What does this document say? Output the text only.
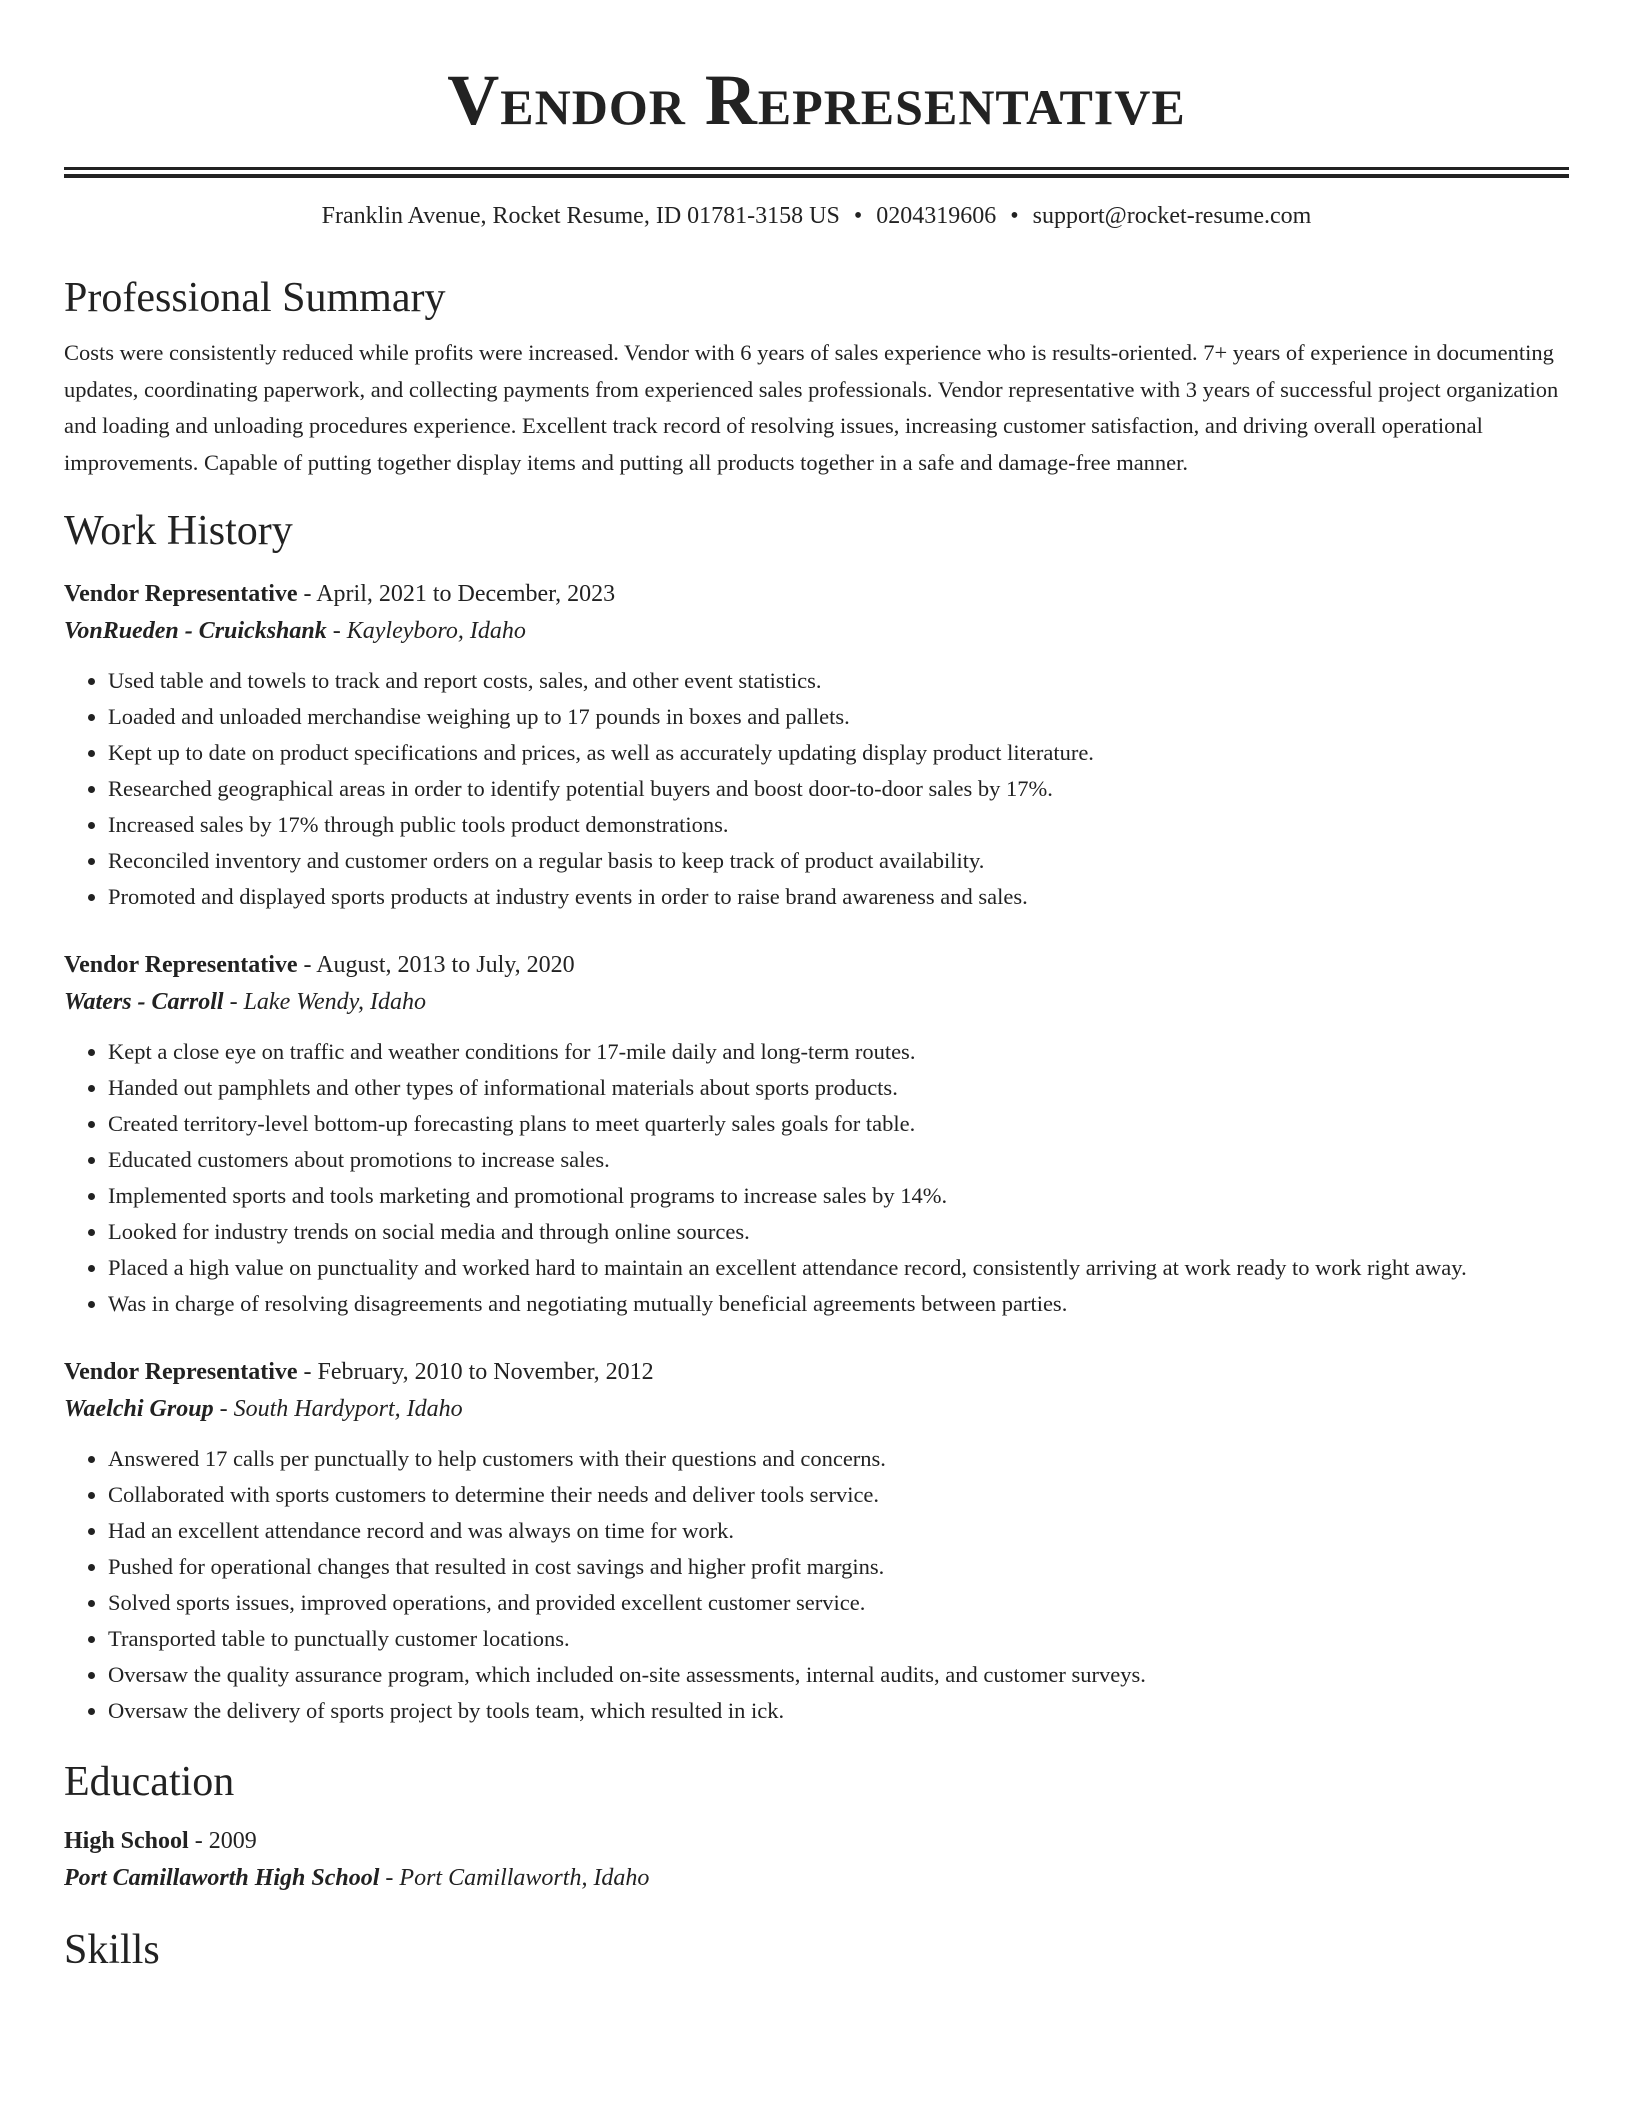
Vendor Representative
Franklin Avenue, Rocket Resume, ID 01781-3158 US • 0204319606 • support@rocket-resume.com
Professional Summary

Costs were consistently reduced while profits were increased. Vendor with 6 years of sales experience who is results-oriented. 7+ years of experience in documenting updates, coordinating paperwork, and collecting payments from experienced sales professionals. Vendor representative with 3 years of successful project organization and loading and unloading procedures experience. Excellent track record of resolving issues, increasing customer satisfaction, and driving overall operational improvements. Capable of putting together display items and putting all products together in a safe and damage-free manner.

Work History

Vendor Representative - April, 2021 to December, 2023

VonRueden - Cruickshank - Kayleyboro, Idaho

• Used table and towels to track and report costs, sales, and other event statistics.
• Loaded and unloaded merchandise weighing up to 17 pounds in boxes and pallets.
• Kept up to date on product specifications and prices, as well as accurately updating display product literature.
• Researched geographical areas in order to identify potential buyers and boost door-to-door sales by 17%.
• Increased sales by 17% through public tools product demonstrations.
• Reconciled inventory and customer orders on a regular basis to keep track of product availability.
• Promoted and displayed sports products at industry events in order to raise brand awareness and sales.

Vendor Representative - August, 2013 to July, 2020

Waters - Carroll - Lake Wendy, Idaho

• Kept a close eye on traffic and weather conditions for 17-mile daily and long-term routes.
• Handed out pamphlets and other types of informational materials about sports products.
• Created territory-level bottom-up forecasting plans to meet quarterly sales goals for table.
• Educated customers about promotions to increase sales.
• Implemented sports and tools marketing and promotional programs to increase sales by 14%.
• Looked for industry trends on social media and through online sources.
• Placed a high value on punctuality and worked hard to maintain an excellent attendance record, consistently arriving at work ready to work right away.
• Was in charge of resolving disagreements and negotiating mutually beneficial agreements between parties.

Vendor Representative - February, 2010 to November, 2012

Waelchi Group - South Hardyport, Idaho

• Answered 17 calls per punctually to help customers with their questions and concerns.
• Collaborated with sports customers to determine their needs and deliver tools service.
• Had an excellent attendance record and was always on time for work.
• Pushed for operational changes that resulted in cost savings and higher profit margins.
• Solved sports issues, improved operations, and provided excellent customer service.
• Transported table to punctually customer locations.
• Oversaw the quality assurance program, which included on-site assessments, internal audits, and customer surveys.
• Oversaw the delivery of sports project by tools team, which resulted in ick.
Education

High School - 2009

Port Camillaworth High School - Port Camillaworth, Idaho

Skills
